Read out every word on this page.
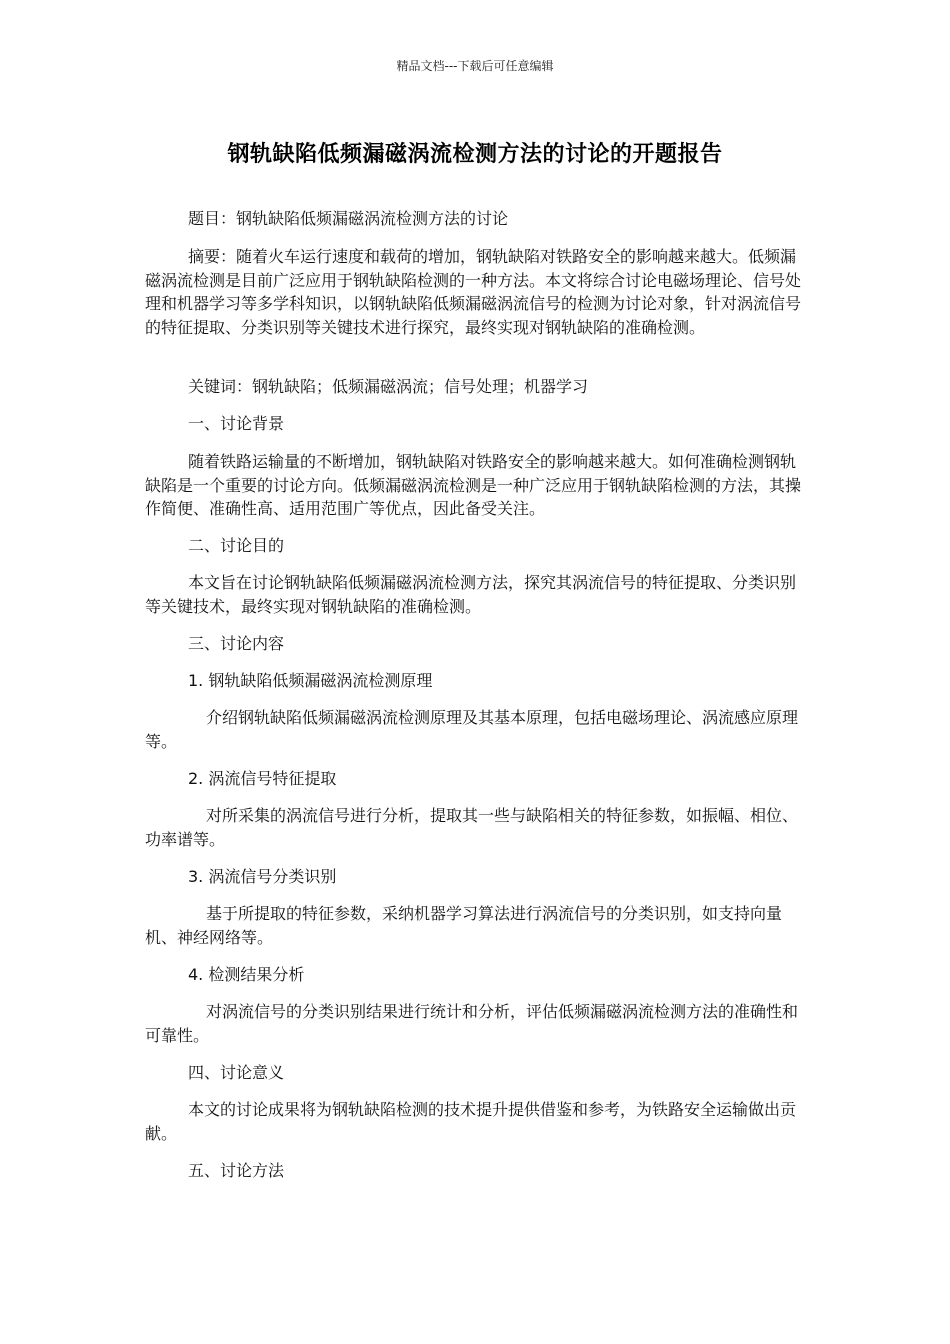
精品文档---下载后可任意编辑
钢轨缺陷低频漏磁涡流检测方法的讨论的开题报告

题目：钢轨缺陷低频漏磁涡流检测方法的讨论

摘要：随着火车运行速度和载荷的增加，钢轨缺陷对铁路安全的影响越来越大。低频漏磁涡流检测是目前广泛应用于钢轨缺陷检测的一种方法。本文将综合讨论电磁场理论、信号处理和机器学习等多学科知识，以钢轨缺陷低频漏磁涡流信号的检测为讨论对象，针对涡流信号的特征提取、分类识别等关键技术进行探究，最终实现对钢轨缺陷的准确检测。

关键词：钢轨缺陷；低频漏磁涡流；信号处理；机器学习

一、讨论背景

随着铁路运输量的不断增加，钢轨缺陷对铁路安全的影响越来越大。如何准确检测钢轨缺陷是一个重要的讨论方向。低频漏磁涡流检测是一种广泛应用于钢轨缺陷检测的方法，其操作简便、准确性高、适用范围广等优点，因此备受关注。

二、讨论目的

本文旨在讨论钢轨缺陷低频漏磁涡流检测方法，探究其涡流信号的特征提取、分类识别等关键技术，最终实现对钢轨缺陷的准确检测。

三、讨论内容

1. 钢轨缺陷低频漏磁涡流检测原理

介绍钢轨缺陷低频漏磁涡流检测原理及其基本原理，包括电磁场理论、涡流感应原理等。

2. 涡流信号特征提取

对所采集的涡流信号进行分析，提取其一些与缺陷相关的特征参数，如振幅、相位、功率谱等。

3. 涡流信号分类识别

基于所提取的特征参数，采纳机器学习算法进行涡流信号的分类识别，如支持向量机、神经网络等。

4. 检测结果分析

对涡流信号的分类识别结果进行统计和分析，评估低频漏磁涡流检测方法的准确性和可靠性。

四、讨论意义

本文的讨论成果将为钢轨缺陷检测的技术提升提供借鉴和参考，为铁路安全运输做出贡献。

五、讨论方法
